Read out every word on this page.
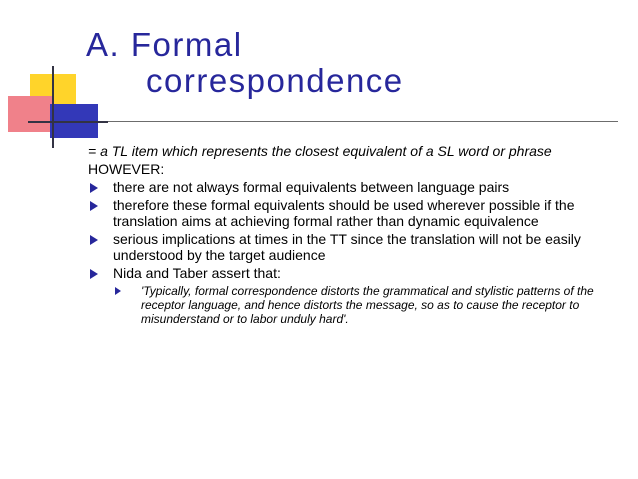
A. Formal
correspondence

= a TL item which represents the closest equivalent of a SL word or phrase

HOWEVER:

there are not always formal equivalents between language pairs
therefore these formal equivalents should be used wherever possible if the translation aims at achieving formal rather than dynamic equivalence
serious implications at times in the TT since the translation will not be easily understood by the target audience
Nida and Taber assert that:
'Typically, formal correspondence distorts the grammatical and stylistic patterns of the receptor language, and hence distorts the message, so as to cause the receptor to misunderstand or to labor unduly hard'.
